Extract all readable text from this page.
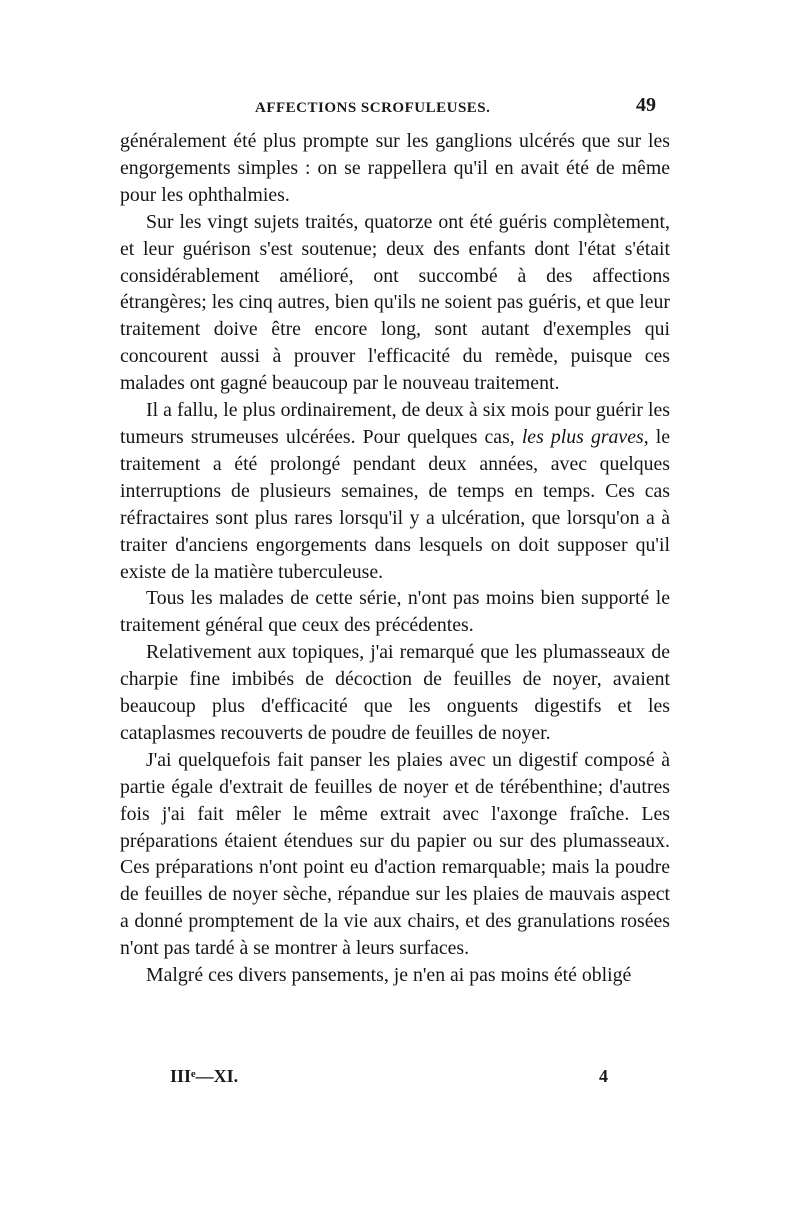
AFFECTIONS SCROFULEUSES.	49

généralement été plus prompte sur les ganglions ulcérés que sur les engorgements simples : on se rappellera qu'il en avait été de même pour les ophthalmies.

Sur les vingt sujets traités, quatorze ont été guéris complètement, et leur guérison s'est soutenue; deux des enfants dont l'état s'était considérablement amélioré, ont succombé à des affections étrangères; les cinq autres, bien qu'ils ne soient pas guéris, et que leur traitement doive être encore long, sont autant d'exemples qui concourent aussi à prouver l'efficacité du remède, puisque ces malades ont gagné beaucoup par le nouveau traitement.

Il a fallu, le plus ordinairement, de deux à six mois pour guérir les tumeurs strumeuses ulcérées. Pour quelques cas, les plus graves, le traitement a été prolongé pendant deux années, avec quelques interruptions de plusieurs semaines, de temps en temps. Ces cas réfractaires sont plus rares lorsqu'il y a ulcération, que lorsqu'on a à traiter d'anciens engorgements dans lesquels on doit supposer qu'il existe de la matière tuberculeuse.

Tous les malades de cette série, n'ont pas moins bien supporté le traitement général que ceux des précédentes.

Relativement aux topiques, j'ai remarqué que les plumasseaux de charpie fine imbibés de décoction de feuilles de noyer, avaient beaucoup plus d'efficacité que les onguents digestifs et les cataplasmes recouverts de poudre de feuilles de noyer.

J'ai quelquefois fait panser les plaies avec un digestif composé à partie égale d'extrait de feuilles de noyer et de térébenthine; d'autres fois j'ai fait mêler le même extrait avec l'axonge fraîche. Les préparations étaient étendues sur du papier ou sur des plumasseaux. Ces préparations n'ont point eu d'action remarquable; mais la poudre de feuilles de noyer sèche, répandue sur les plaies de mauvais aspect a donné promptement de la vie aux chairs, et des granulations rosées n'ont pas tardé à se montrer à leurs surfaces.

Malgré ces divers pansements, je n'en ai pas moins été obligé

IIIᵉ—XI.	4
